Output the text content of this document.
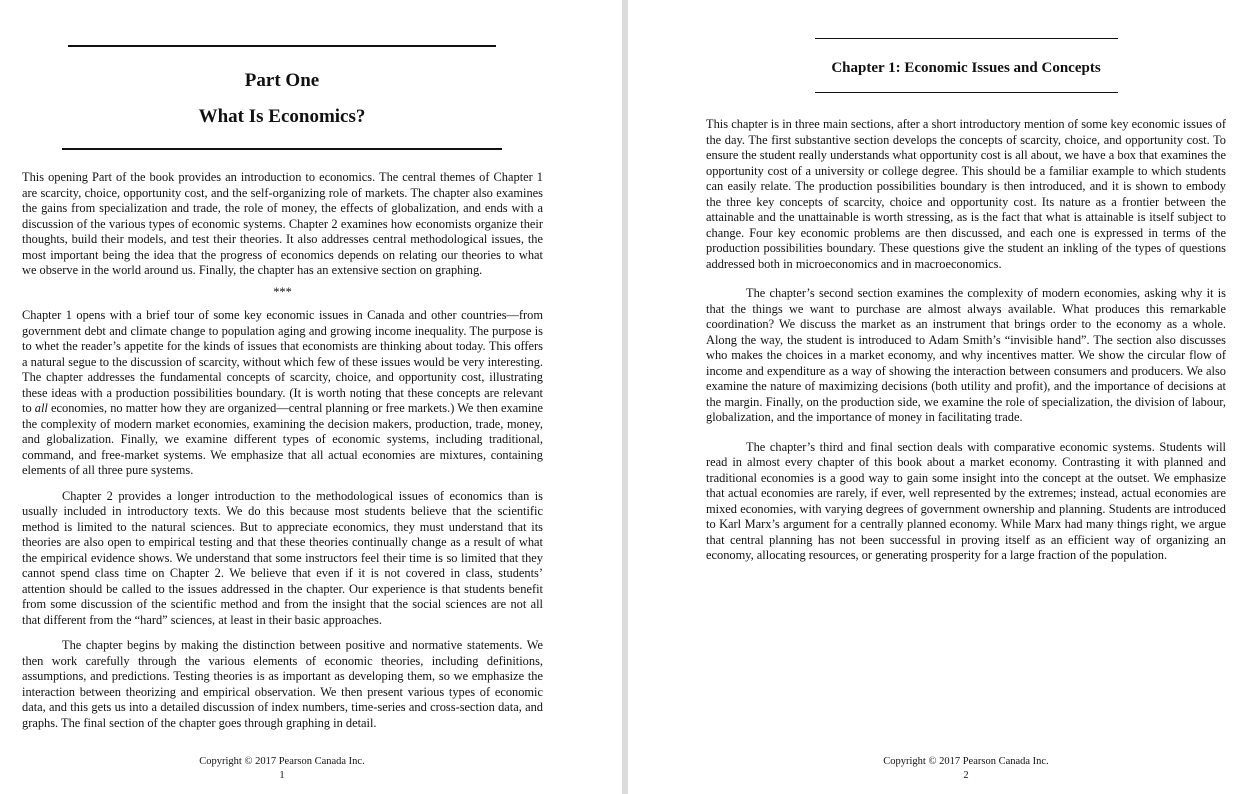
Part One
What Is Economics?

This opening Part of the book provides an introduction to economics. The central themes of Chapter 1 are scarcity, choice, opportunity cost, and the self-organizing role of markets. The chapter also examines the gains from specialization and trade, the role of money, the effects of globalization, and ends with a discussion of the various types of economic systems. Chapter 2 examines how economists organize their thoughts, build their models, and test their theories. It also addresses central methodological issues, the most important being the idea that the progress of economics depends on relating our theories to what we observe in the world around us. Finally, the chapter has an extensive section on graphing.

***

Chapter 1 opens with a brief tour of some key economic issues in Canada and other countries—from government debt and climate change to population aging and growing income inequality. The purpose is to whet the reader’s appetite for the kinds of issues that economists are thinking about today. This offers a natural segue to the discussion of scarcity, without which few of these issues would be very interesting. The chapter addresses the fundamental concepts of scarcity, choice, and opportunity cost, illustrating these ideas with a production possibilities boundary. (It is worth noting that these concepts are relevant to all economies, no matter how they are organized—central planning or free markets.) We then examine the complexity of modern market economies, examining the decision makers, production, trade, money, and globalization. Finally, we examine different types of economic systems, including traditional, command, and free-market systems. We emphasize that all actual economies are mixtures, containing elements of all three pure systems.

Chapter 2 provides a longer introduction to the methodological issues of economics than is usually included in introductory texts. We do this because most students believe that the scientific method is limited to the natural sciences. But to appreciate economics, they must understand that its theories are also open to empirical testing and that these theories continually change as a result of what the empirical evidence shows. We understand that some instructors feel their time is so limited that they cannot spend class time on Chapter 2. We believe that even if it is not covered in class, students’ attention should be called to the issues addressed in the chapter. Our experience is that students benefit from some discussion of the scientific method and from the insight that the social sciences are not all that different from the “hard” sciences, at least in their basic approaches.

The chapter begins by making the distinction between positive and normative statements. We then work carefully through the various elements of economic theories, including definitions, assumptions, and predictions. Testing theories is as important as developing them, so we emphasize the interaction between theorizing and empirical observation. We then present various types of economic data, and this gets us into a detailed discussion of index numbers, time-series and cross-section data, and graphs. The final section of the chapter goes through graphing in detail.

Copyright © 2017 Pearson Canada Inc.
1
Chapter 1: Economic Issues and Concepts

This chapter is in three main sections, after a short introductory mention of some key economic issues of the day. The first substantive section develops the concepts of scarcity, choice, and opportunity cost. To ensure the student really understands what opportunity cost is all about, we have a box that examines the opportunity cost of a university or college degree. This should be a familiar example to which students can easily relate. The production possibilities boundary is then introduced, and it is shown to embody the three key concepts of scarcity, choice and opportunity cost. Its nature as a frontier between the attainable and the unattainable is worth stressing, as is the fact that what is attainable is itself subject to change. Four key economic problems are then discussed, and each one is expressed in terms of the production possibilities boundary. These questions give the student an inkling of the types of questions addressed both in microeconomics and in macroeconomics.

The chapter’s second section examines the complexity of modern economies, asking why it is that the things we want to purchase are almost always available. What produces this remarkable coordination? We discuss the market as an instrument that brings order to the economy as a whole. Along the way, the student is introduced to Adam Smith’s “invisible hand”. The section also discusses who makes the choices in a market economy, and why incentives matter. We show the circular flow of income and expenditure as a way of showing the interaction between consumers and producers. We also examine the nature of maximizing decisions (both utility and profit), and the importance of decisions at the margin. Finally, on the production side, we examine the role of specialization, the division of labour, globalization, and the importance of money in facilitating trade.

The chapter’s third and final section deals with comparative economic systems. Students will read in almost every chapter of this book about a market economy. Contrasting it with planned and traditional economies is a good way to gain some insight into the concept at the outset. We emphasize that actual economies are rarely, if ever, well represented by the extremes; instead, actual economies are mixed economies, with varying degrees of government ownership and planning. Students are introduced to Karl Marx’s argument for a centrally planned economy. While Marx had many things right, we argue that central planning has not been successful in proving itself as an efficient way of organizing an economy, allocating resources, or generating prosperity for a large fraction of the population.

Copyright © 2017 Pearson Canada Inc.
2
